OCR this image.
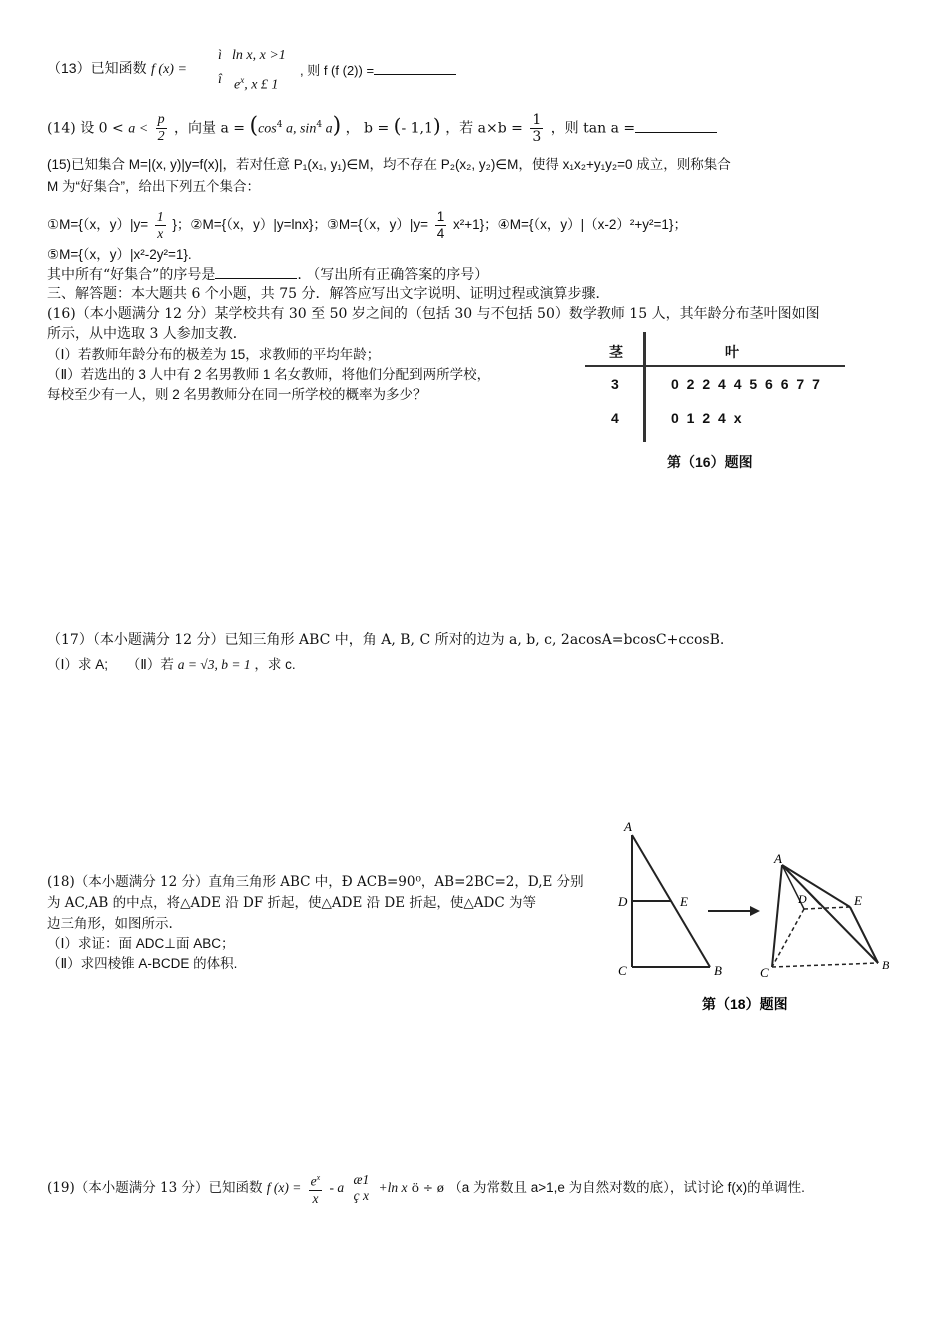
（13）已知函数 f (x) =
ì ln x, x >1
î $e^x$, x £ 1
, 则 f (f (2)) =
(14) 设 $0 < a < \frac{p}{2}$ ，向量 $a = (\cos^4$ a, $\sin^4 a$) ， b = (- 1,1) ，若 $a\times b = \frac{1}{3}$ ，则 tan a =
(15)已知集合 M=|(x, y)|y=f(x)|，若对任意 P₁(x₁, y₁)∈M，均不存在 P₂(x₂, y₂)∈M，使得 x₁x₂+y₁y₂=0 成立，则称集合
M 为“好集合”，给出下列五个集合：
①M={（x，$y)|y= \frac{1}{x}$ }；②M={（x，y）|y=lnx}；③M={（x，$y)|y= \frac{1}{4} x^2+1$}；④M={（x，y）|（x-2）²+y²=1}；
⑤M={（x，y）|x²-2y²=1}.
其中所有“好集合”的序号是	. （写出所有正确答案的序号）
三、解答题：本大题共 6 个小题，共 75 分．解答应写出文字说明、证明过程或演算步骤．
(16)（本小题满分 12 分）某学校共有 30 至 50 岁之间的（包括 30 与不包括 50）数学教师 15 人，其年龄分布茎叶图如图
所示，从中选取 3 人参加支教．
（Ⅰ）若教师年龄分布的极差为 15，求教师的平均年龄；
（Ⅱ）若选出的 3 人中有 2 名男教师 1 名女教师，将他们分配到两所学校，
每校至少有一人，则 2 名男教师分在同一所学校的概率为多少？
茎	叶
3	0 2 2 4 4 5 6 6 7 7
4	0 1 2 4 x
第（16）题图
（17）（本小题满分 12 分）已知三角形 ABC 中，角 A, B, C 所对的边为 a, b, c, 2acosA=bcosC+ccosB.
（Ⅰ）求 A; （Ⅱ）若 a = √3, b = 1 ，求 c.
(18)（本小题满分 12 分）直角三角形 ABC 中，Ð ACB=90⁰，AB=2BC=2，D,E 分别
为 AC,AB 的中点，将△ADE 沿 DF 折起，使△ADE 沿 DE 折起，使△ADC 为等
边三角形，如图所示.
（Ⅰ）求证：面 ADC⊥面 ABC；
（Ⅱ）求四棱锥 A-BCDE 的体积.
A
D	E
C	B
A
D	E
C	B
第（18）题图
(19)（本小题满分 13 分）已知函数 f $(x) = \frac{e^x}{x} - a$ æ1
ç x
+ln x ö ÷ ø （a 为常数且 a>1,e 为自然对数的底），试讨论 f(x)的单调性.
